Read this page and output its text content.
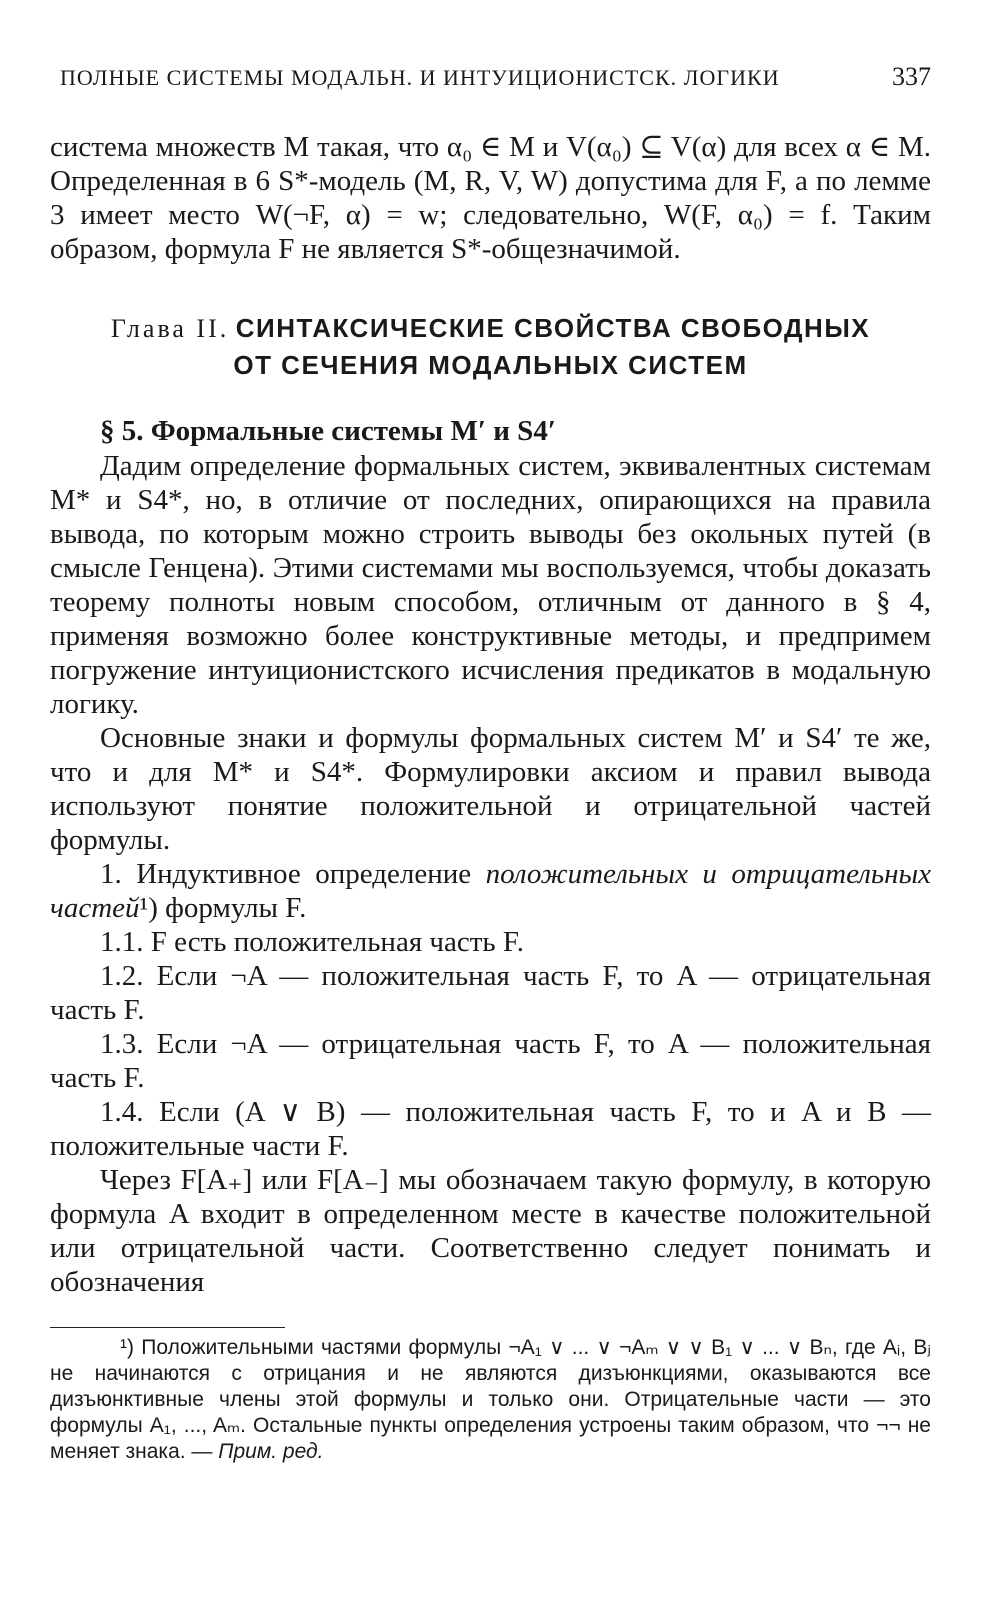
ПОЛНЫЕ СИСТЕМЫ МОДАЛЬН. И ИНТУИЦИОНИСТСК. ЛОГИКИ	337

система множеств M такая, что α₀ ∈ M и V(α₀) ⊆ V(α) для всех α ∈ M. Определенная в 6 S*-модель (M, R, V, W) допустима для F, а по лемме 3 имеет место W(¬F, α) = w; следовательно, W(F, α₀) = f. Таким образом, формула F не является S*-общезначимой.

Глава II. СИНТАКСИЧЕСКИЕ СВОЙСТВА СВОБОДНЫХ
ОТ СЕЧЕНИЯ МОДАЛЬНЫХ СИСТЕМ
§ 5. Формальные системы M′ и S4′

Дадим определение формальных систем, эквивалентных системам M* и S4*, но, в отличие от последних, опирающихся на правила вывода, по которым можно строить выводы без окольных путей (в смысле Генцена). Этими системами мы воспользуемся, чтобы доказать теорему полноты новым способом, отличным от данного в § 4, применяя возможно более конструктивные методы, и предпримем погружение интуиционистского исчисления предикатов в модальную логику.

Основные знаки и формулы формальных систем M′ и S4′ те же, что и для M* и S4*. Формулировки аксиом и правил вывода используют понятие положительной и отрицательной частей формулы.

1. Индуктивное определение положительных и отрицательных частей¹) формулы F.

1.1. F есть положительная часть F.

1.2. Если ¬A — положительная часть F, то A — отрицательная часть F.

1.3. Если ¬A — отрицательная часть F, то A — положительная часть F.

1.4. Если (A ∨ B) — положительная часть F, то и A и B — положительные части F.

Через F[A₊] или F[A₋] мы обозначаем такую формулу, в которую формула A входит в определенном месте в качестве положительной или отрицательной части. Соответственно следует понимать и обозначения

¹) Положительными частями формулы ¬A₁ ∨ ... ∨ ¬Aₘ ∨ ∨ B₁ ∨ ... ∨ Bₙ, где Aᵢ, Bⱼ не начинаются с отрицания и не являются дизъюнкциями, оказываются все дизъюнктивные члены этой формулы и только они. Отрицательные части — это формулы A₁, ..., Aₘ. Остальные пункты определения устроены таким образом, что ¬¬ не меняет знака. — Прим. ред.
